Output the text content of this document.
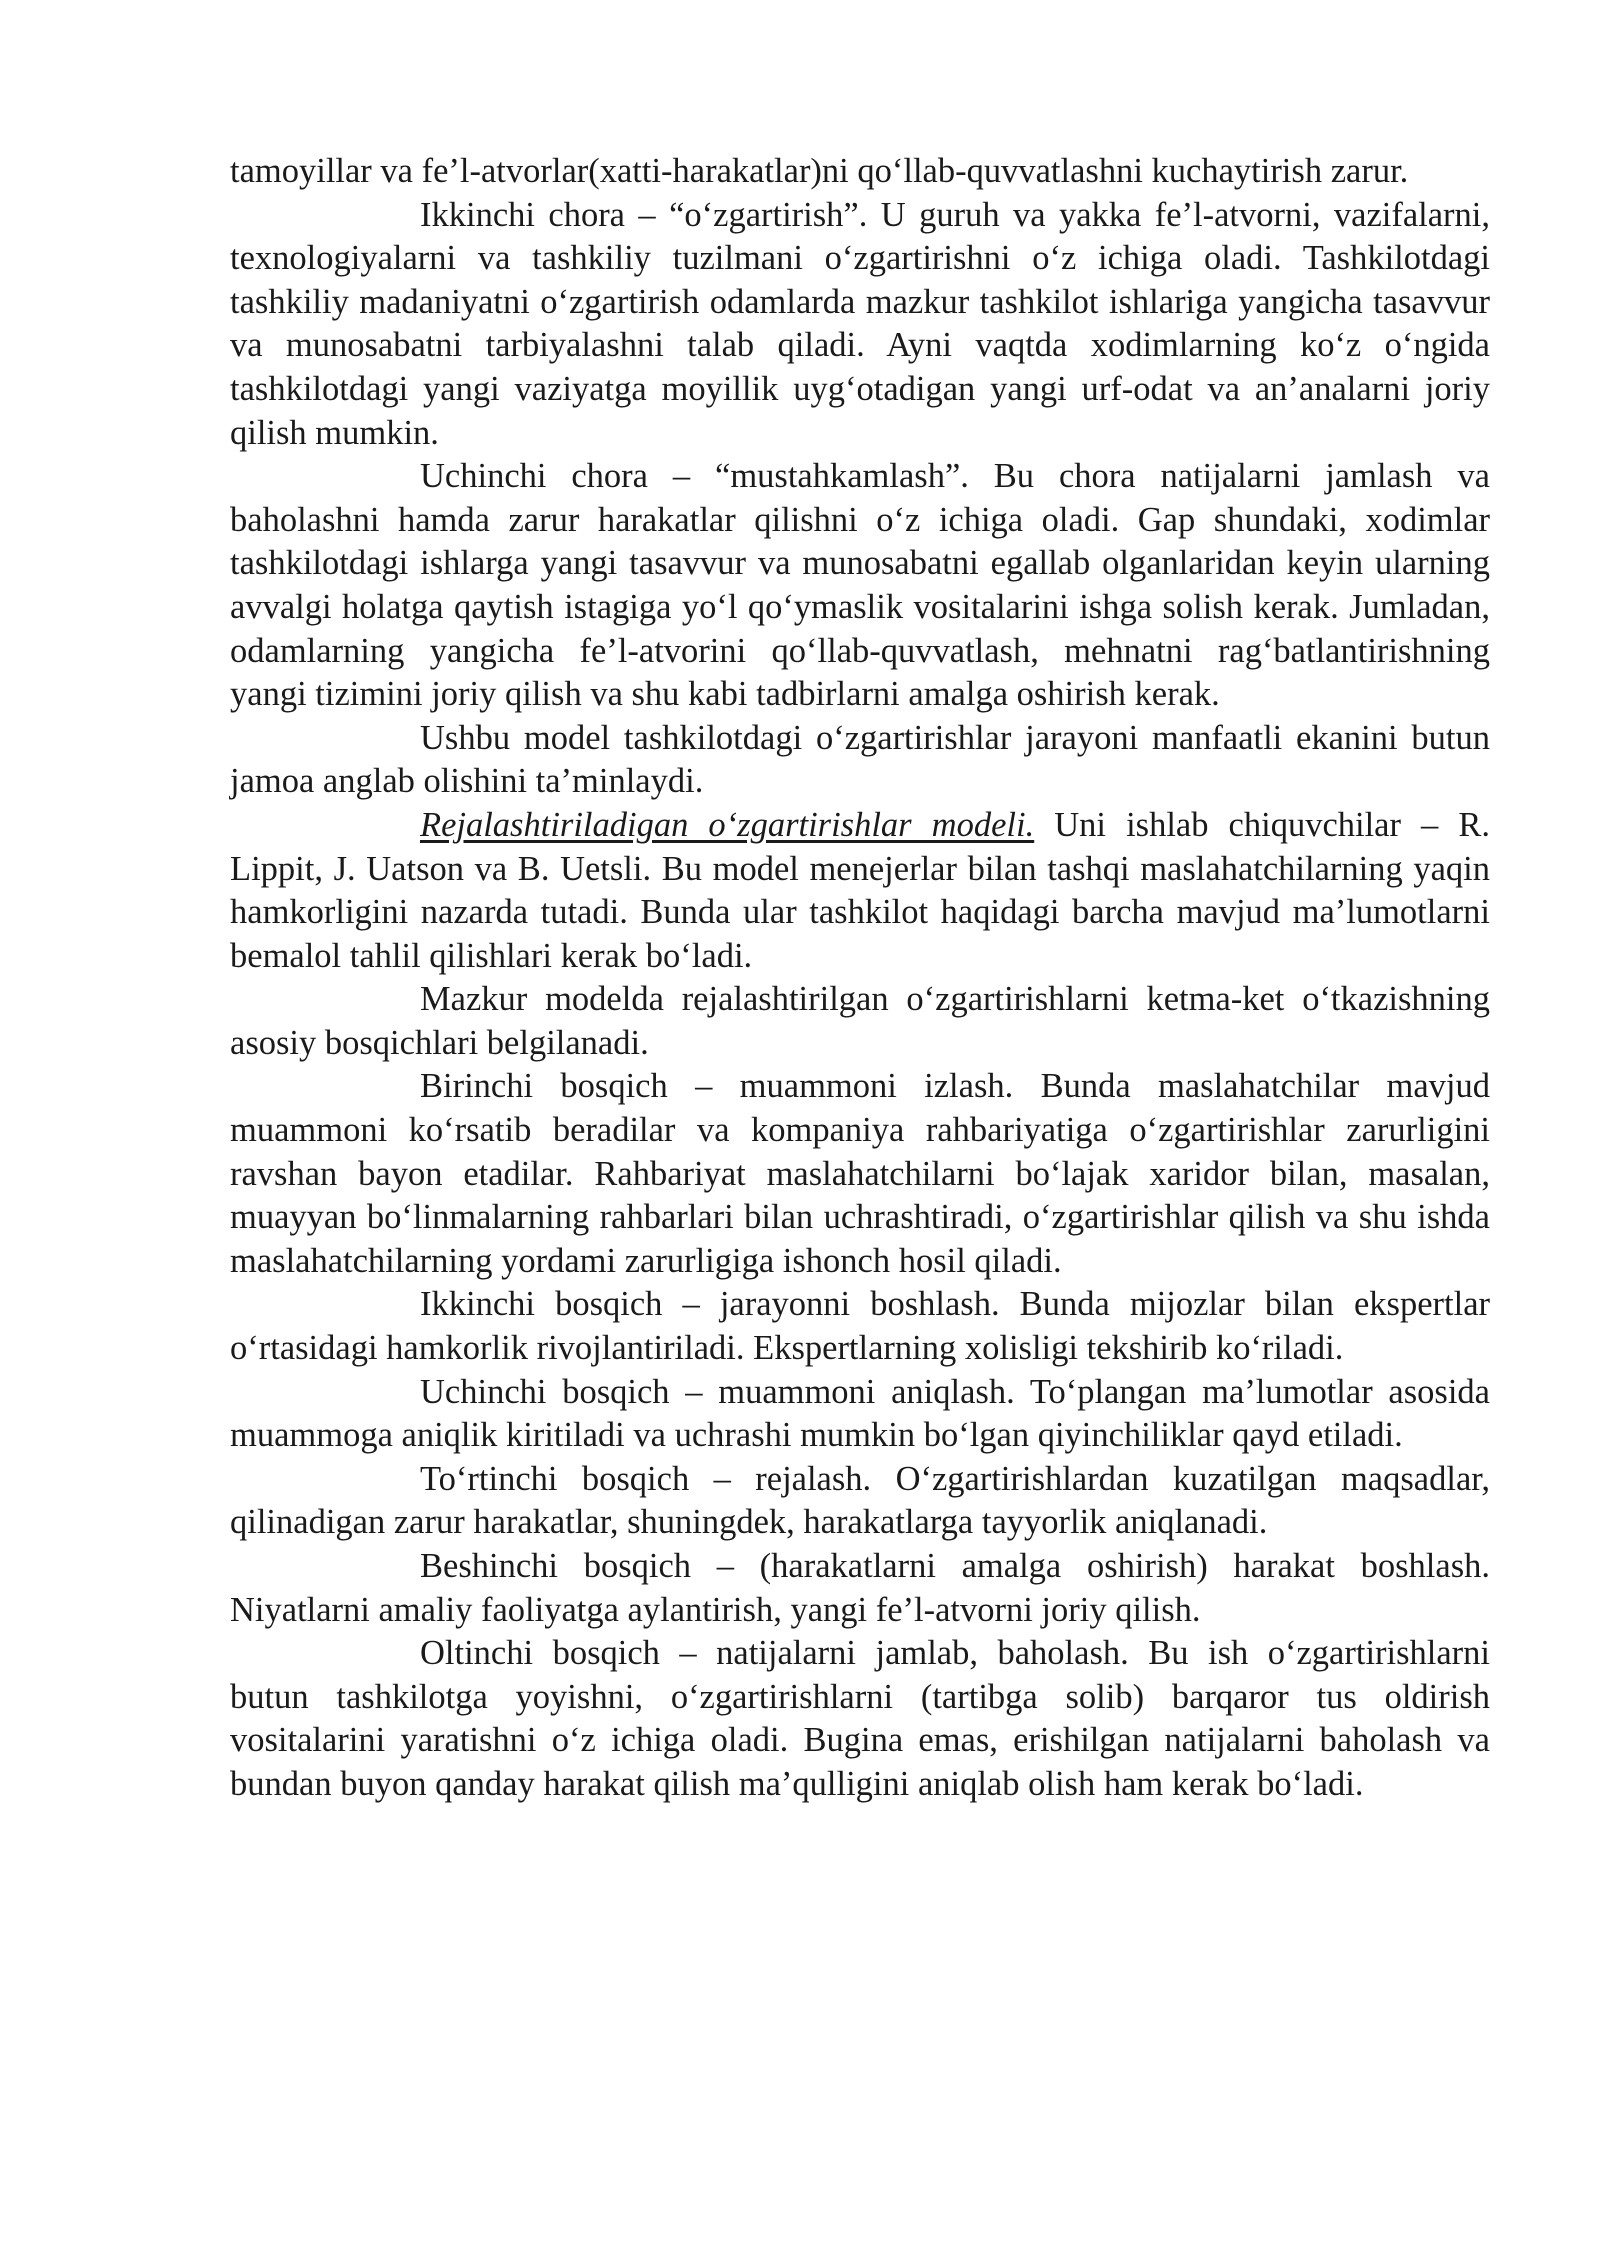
tamoyillar va fe’l-atvorlar(xatti-harakatlar)ni qo‘llab-quvvatlashni kuchaytirish zarur.

Ikkinchi chora – “o‘zgartirish”. U guruh va yakka fe’l-atvorni, vazifalarni, texnologiyalarni va tashkiliy tuzilmani o‘zgartirishni o‘z ichiga oladi. Tashkilotdagi tashkiliy madaniyatni o‘zgartirish odamlarda mazkur tashkilot ishlariga yangicha tasavvur va munosabatni tarbiyalashni talab qiladi. Ayni vaqtda xodimlarning ko‘z o‘ngida tashkilotdagi yangi vaziyatga moyillik uyg‘otadigan yangi urf-odat va an’analarni joriy qilish mumkin.

Uchinchi chora – “mustahkamlash”. Bu chora natijalarni jamlash va baholashni hamda zarur harakatlar qilishni o‘z ichiga oladi. Gap shundaki, xodimlar tashkilotdagi ishlarga yangi tasavvur va munosabatni egallab olganlaridan keyin ularning avvalgi holatga qaytish istagiga yo‘l qo‘ymaslik vositalarini ishga solish kerak. Jumladan, odamlarning yangicha fe’l-atvorini qo‘llab-quvvatlash, mehnatni rag‘batlantirishning yangi tizimini joriy qilish va shu kabi tadbirlarni amalga oshirish kerak.

Ushbu model tashkilotdagi o‘zgartirishlar jarayoni manfaatli ekanini butun jamoa anglab olishini ta’minlaydi.

Rejalashtiriladigan o‘zgartirishlar modeli. Uni ishlab chiquvchilar – R. Lippit, J. Uatson va B. Uetsli. Bu model menejerlar bilan tashqi maslahatchilarning yaqin hamkorligini nazarda tutadi. Bunda ular tashkilot haqidagi barcha mavjud ma’lumotlarni bemalol tahlil qilishlari kerak bo‘ladi.

Mazkur modelda rejalashtirilgan o‘zgartirishlarni ketma-ket o‘tkazishning asosiy bosqichlari belgilanadi.

Birinchi bosqich – muammoni izlash. Bunda maslahatchilar mavjud muammoni ko‘rsatib beradilar va kompaniya rahbariyatiga o‘zgartirishlar zarurligini ravshan bayon etadilar. Rahbariyat maslahatchilarni bo‘lajak xaridor bilan, masalan, muayyan bo‘linmalarning rahbarlari bilan uchrashtiradi, o‘zgartirishlar qilish va shu ishda maslahatchilarning yordami zarurligiga ishonch hosil qiladi.

Ikkinchi bosqich – jarayonni boshlash. Bunda mijozlar bilan ekspertlar o‘rtasidagi hamkorlik rivojlantiriladi. Ekspertlarning xolisligi tekshirib ko‘riladi.

Uchinchi bosqich – muammoni aniqlash. To‘plangan ma’lumotlar asosida muammoga aniqlik kiritiladi va uchrashi mumkin bo‘lgan qiyinchiliklar qayd etiladi.

To‘rtinchi bosqich – rejalash. O‘zgartirishlardan kuzatilgan maqsadlar, qilinadigan zarur harakatlar, shuningdek, harakatlarga tayyorlik aniqlanadi.

Beshinchi bosqich – (harakatlarni amalga oshirish) harakat boshlash. Niyatlarni amaliy faoliyatga aylantirish, yangi fe’l-atvorni joriy qilish.

Oltinchi bosqich – natijalarni jamlab, baholash. Bu ish o‘zgartirishlarni butun tashkilotga yoyishni, o‘zgartirishlarni (tartibga solib) barqaror tus oldirish vositalarini yaratishni o‘z ichiga oladi. Bugina emas, erishilgan natijalarni baholash va bundan buyon qanday harakat qilish ma’qulligini aniqlab olish ham kerak bo‘ladi.
